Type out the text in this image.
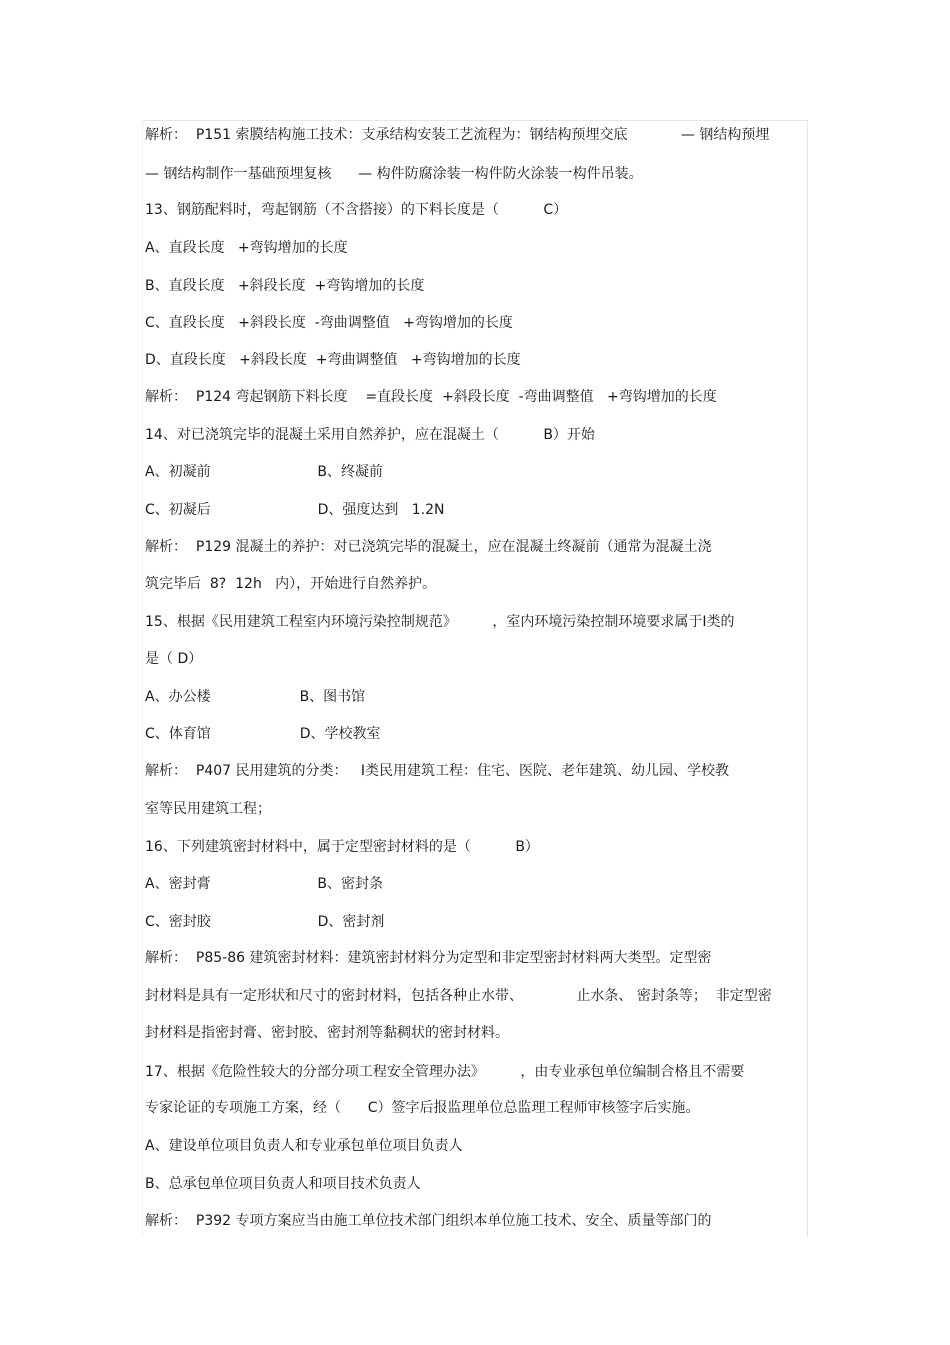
解析：  P151 索膜结构施工技术：支承结构安装工艺流程为：钢结构预埋交底            — 钢结构预埋

— 钢结构制作一基础预埋复核      — 构件防腐涂装一构件防火涂装一构件吊装。

13、钢筋配料时，弯起钢筋（不含搭接）的下料长度是（          C）

A、直段长度   +弯钩增加的长度

B、直段长度   +斜段长度  +弯钩增加的长度

C、直段长度   +斜段长度  -弯曲调整值   +弯钩增加的长度

D、直段长度   +斜段长度  +弯曲调整值   +弯钩增加的长度

解析：  P124 弯起钢筋下料长度    =直段长度  +斜段长度  -弯曲调整值   +弯钩增加的长度

14、对已浇筑完毕的混凝土采用自然养护，应在混凝土（          B）开始

A、初凝前                        B、终凝前

C、初凝后                        D、强度达到   1.2N

解析：  P129 混凝土的养护：对已浇筑完毕的混凝土，应在混凝土终凝前（通常为混凝土浇

筑完毕后  8?  12h   内），开始进行自然养护。

15、根据《民用建筑工程室内环境污染控制规范》        ，室内环境污染控制环境要求属于Ⅰ类的

是（ D）

A、办公楼                    B、图书馆

C、体育馆                    D、学校教室

解析：  P407 民用建筑的分类：   Ⅰ类民用建筑工程：住宅、医院、老年建筑、幼儿园、学校教

室等民用建筑工程；

16、下列建筑密封材料中，属于定型密封材料的是（          B）

A、密封膏                        B、密封条

C、密封胶                        D、密封剂

解析：  P85-86 建筑密封材料：建筑密封材料分为定型和非定型密封材料两大类型。定型密

封材料是具有一定形状和尺寸的密封材料，包括各种止水带、            止水条、 密封条等；  非定型密

封材料是指密封膏、密封胶、密封剂等黏稠状的密封材料。

17、根据《危险性较大的分部分项工程安全管理办法》        ，由专业承包单位编制合格且不需要

专家论证的专项施工方案，经（      C）签字后报监理单位总监理工程师审核签字后实施。

A、建设单位项目负责人和专业承包单位项目负责人

B、总承包单位项目负责人和项目技术负责人

解析：  P392 专项方案应当由施工单位技术部门组织本单位施工技术、安全、质量等部门的
